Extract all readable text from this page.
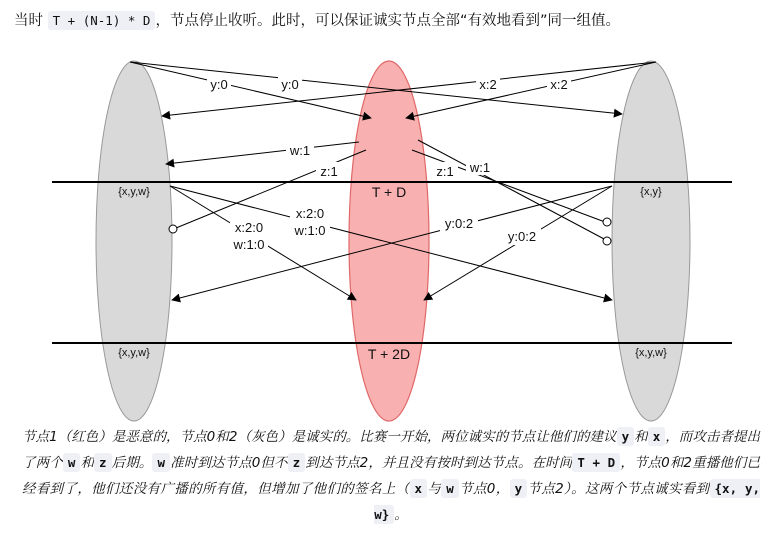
当时 T + (N-1) * D ，节点停止收听。此时，可以保证诚实节点全部“有效地看到”同一组值。
y:0	y:0	x:2	x:2
w:1
w:1
z:1	z:1
x:2:0
w:1:0
x:2:0
w:1:0	y:0:2
y:0:2
{x,y,w}
{x,y,w}
{x,y}
{x,y,w}
T + D
T + 2D
节点1（红色）是恶意的，节点0和2（灰色）是诚实的。比赛一开始，两位诚实的节点让他们的建议 y 和 x ，而攻击者提出了两个 w 和 z 后期。 w 准时到达节点0但不 z 到达节点2，并且没有按时到达节点。在时间 T + D ，节点0和2重播他们已经看到了，他们还没有广播的所有值，但增加了他们的签名上（ x 与 w 节点0， y 节点2）。这两个节点诚实看到 {x, y, w} 。
